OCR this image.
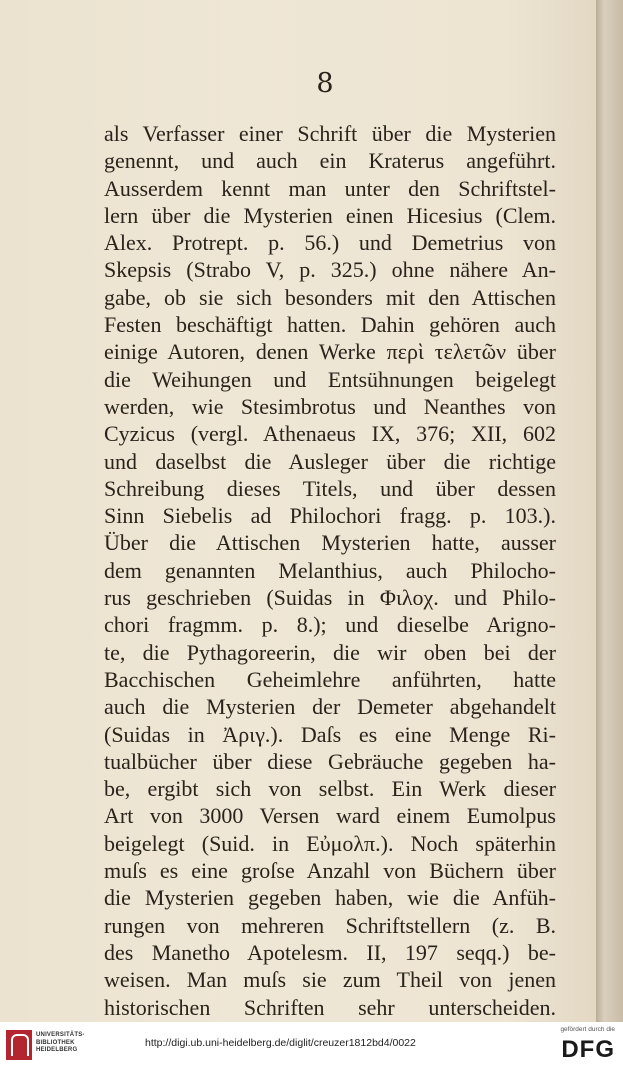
8
als Verfasser einer Schrift über die Mysterien
genennt, und auch ein Kraterus angeführt.
Ausserdem kennt man unter den Schriftstel-
lern über die Mysterien einen Hicesius (Clem.
Alex. Protrept. p. 56.) und Demetrius von
Skepsis (Strabo V, p. 325.) ohne nähere An-
gabe, ob sie sich besonders mit den Attischen
Festen beschäftigt hatten. Dahin gehören auch
einige Autoren, denen Werke περὶ τελετῶν über
die Weihungen und Entsühnungen beigelegt
werden, wie Stesimbrotus und Neanthes von
Cyzicus (vergl. Athenaeus IX, 376; XII, 602
und daselbst die Ausleger über die richtige
Schreibung dieses Titels, und über dessen
Sinn Siebelis ad Philochori fragg. p. 103.).
Über die Attischen Mysterien hatte, ausser
dem genannten Melanthius, auch Philocho-
rus geschrieben (Suidas in Φιλοχ. und Philo-
chori fragmm. p. 8.); und dieselbe Arigno-
te, die Pythagoreerin, die wir oben bei der
Bacchischen Geheimlehre anführten, hatte
auch die Mysterien der Demeter abgehandelt
(Suidas in Ἀριγ.). Daſs es eine Menge Ri-
tualbücher über diese Gebräuche gegeben ha-
be, ergibt sich von selbst. Ein Werk dieser
Art von 3000 Versen ward einem Eumolpus
beigelegt (Suid. in Εὐμολπ.). Noch späterhin
muſs es eine groſse Anzahl von Büchern über
die Mysterien gegeben haben, wie die Anfüh-
rungen von mehreren Schriftstellern (z. B.
des Manetho Apotelesm. II, 197 seqq.) be-
weisen. Man muſs sie zum Theil von jenen
historischen Schriften sehr unterscheiden.
UNIVERSITÄTS-
BIBLIOTHEK
HEIDELBERG
http://digi.ub.uni-heidelberg.de/diglit/creuzer1812bd4/0022
gefördert durch die
DFG
